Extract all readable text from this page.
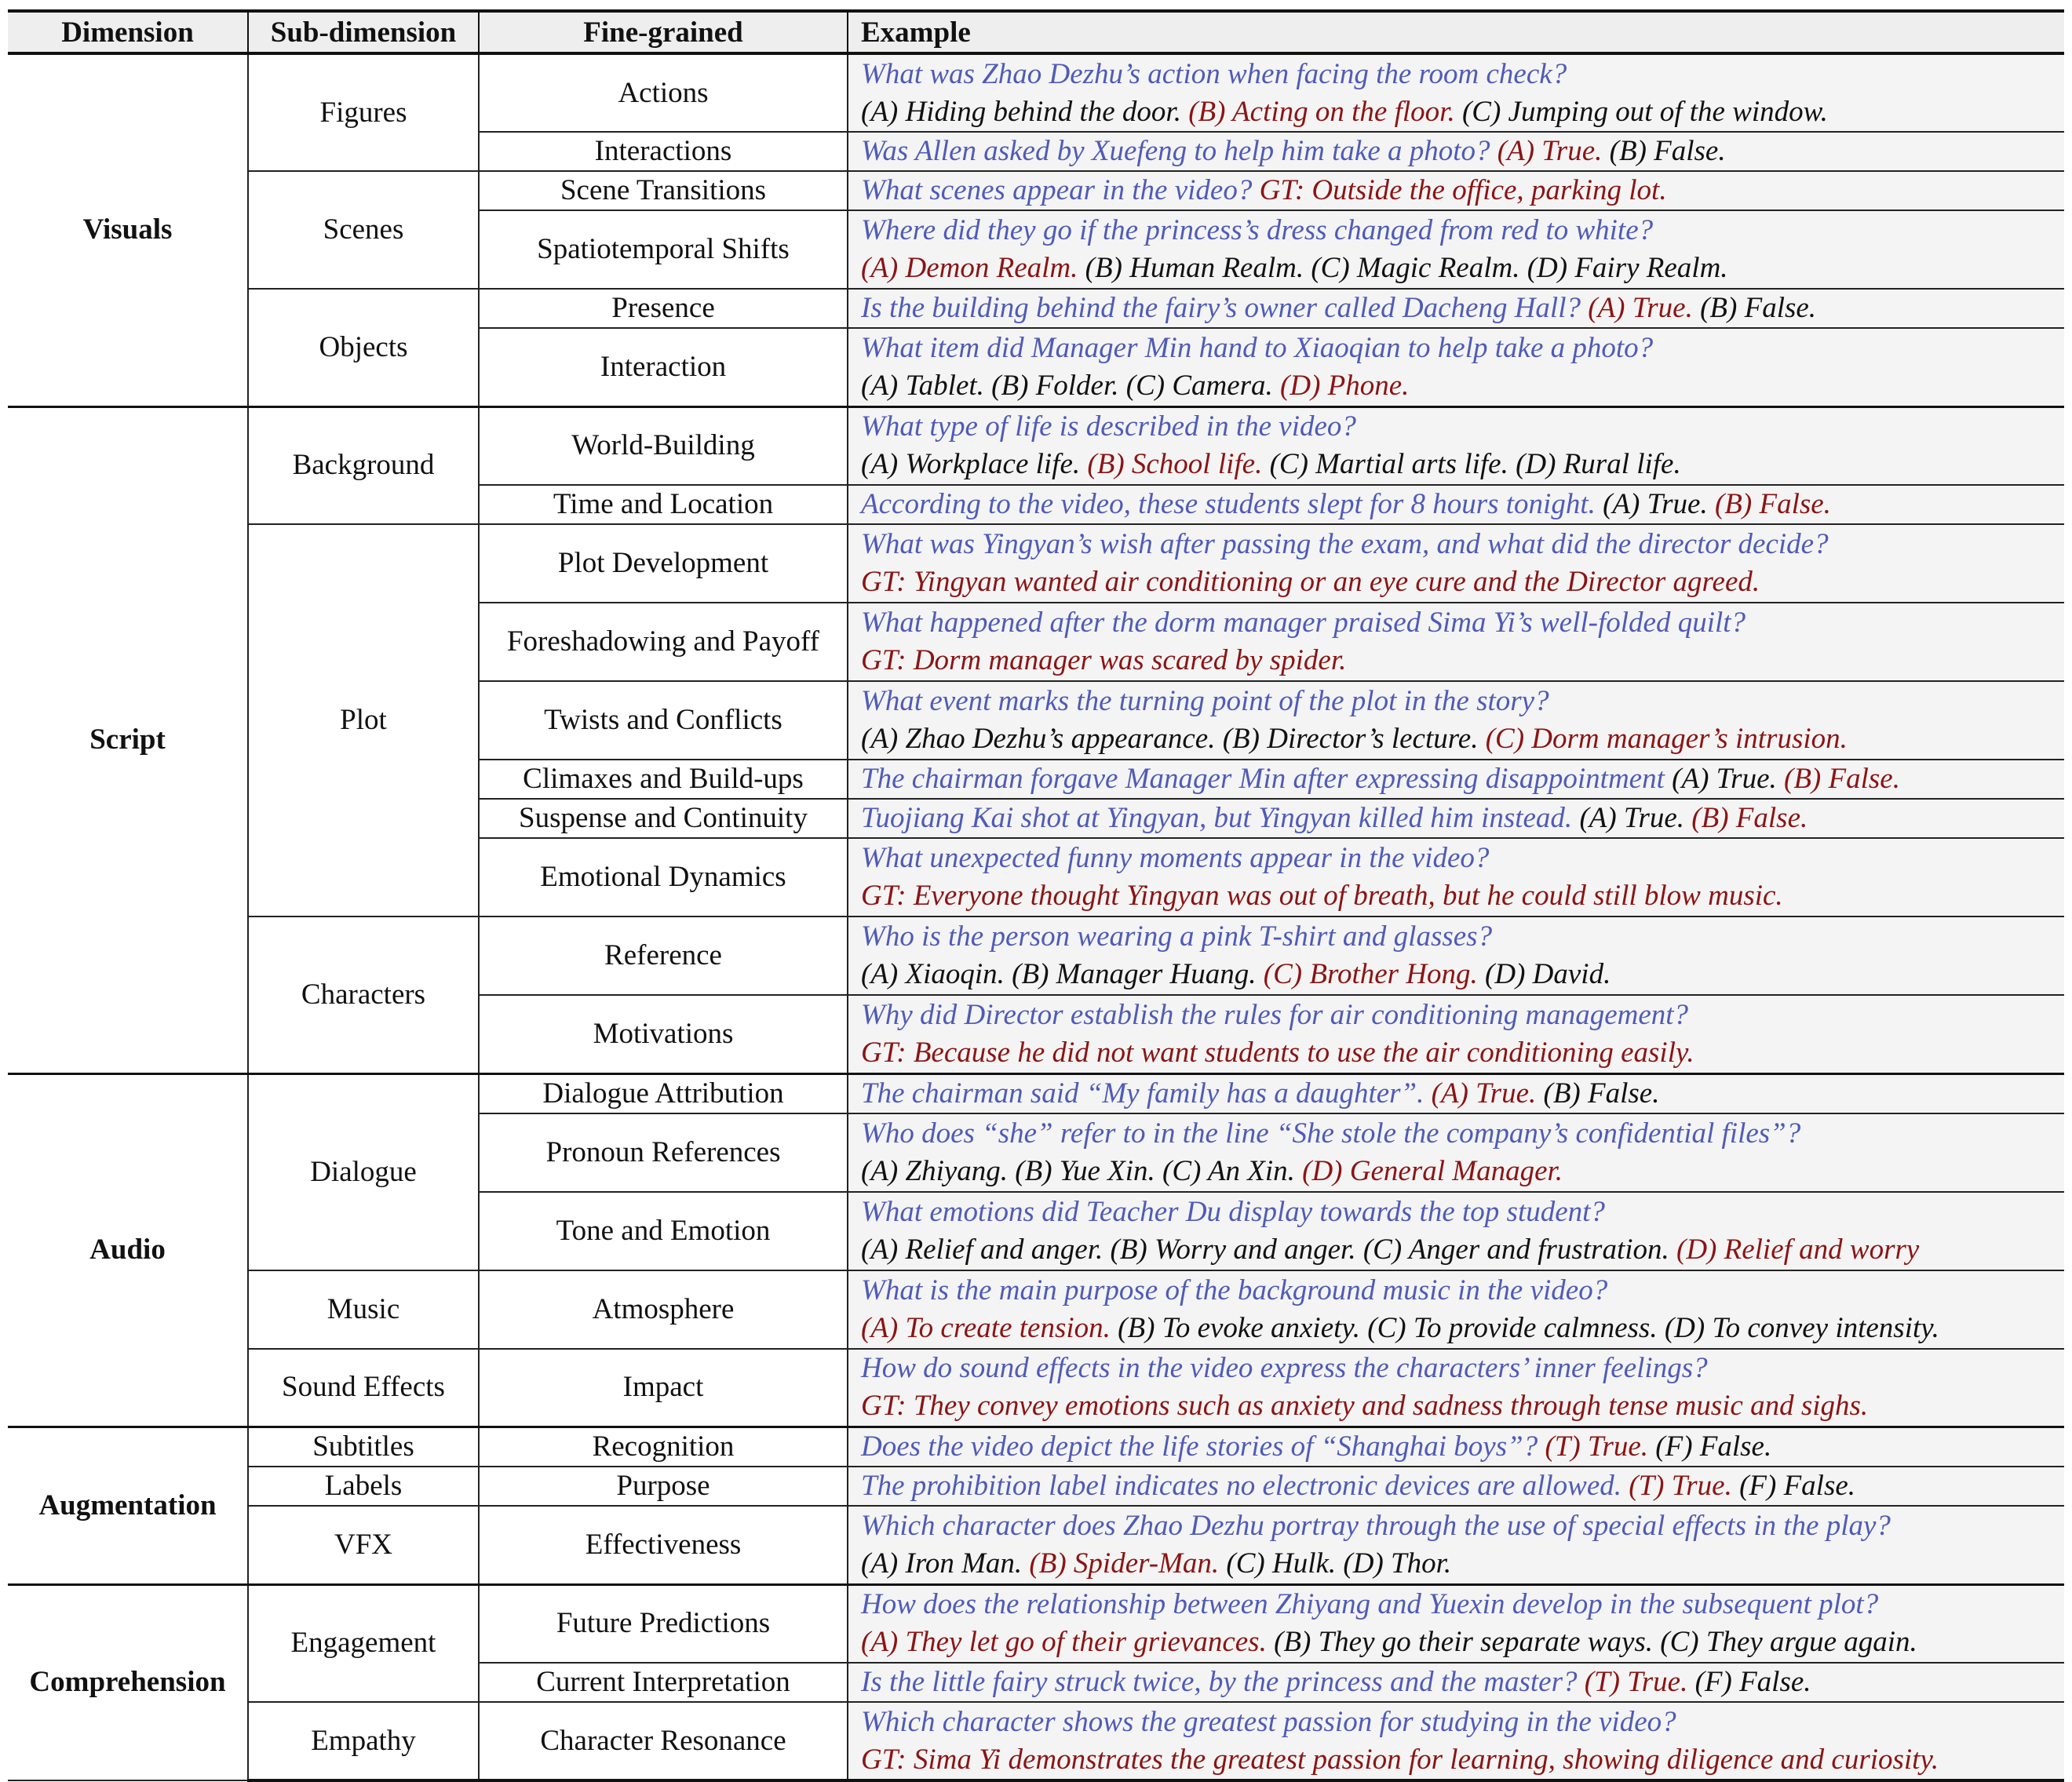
Dimension	Sub-dimension	Fine-grained	Example
Visuals	Figures	Actions	What was Zhao Dezhu’s action when facing the room check?
(A) Hiding behind the door. (B) Acting on the floor. (C) Jumping out of the window.

		Interactions	Was Allen asked by Xuefeng to help him take a photo? (A) True. (B) False.

	Scenes	Scene Transitions	What scenes appear in the video? GT: Outside the office, parking lot.

		Spatiotemporal Shifts	Where did they go if the princess’s dress changed from red to white?
(A) Demon Realm. (B) Human Realm. (C) Magic Realm. (D) Fairy Realm.

	Objects	Presence	Is the building behind the fairy’s owner called Dacheng Hall? (A) True. (B) False.

		Interaction	What item did Manager Min hand to Xiaoqian to help take a photo?
(A) Tablet. (B) Folder. (C) Camera. (D) Phone.

Script	Background	World-Building	What type of life is described in the video?
(A) Workplace life. (B) School life. (C) Martial arts life. (D) Rural life.

		Time and Location	According to the video, these students slept for 8 hours tonight. (A) True. (B) False.

	Plot	Plot Development	What was Yingyan’s wish after passing the exam, and what did the director decide?
GT: Yingyan wanted air conditioning or an eye cure and the Director agreed.

		Foreshadowing and Payoff	What happened after the dorm manager praised Sima Yi’s well-folded quilt?
GT: Dorm manager was scared by spider.

		Twists and Conflicts	What event marks the turning point of the plot in the story?
(A) Zhao Dezhu’s appearance. (B) Director’s lecture. (C) Dorm manager’s intrusion.

		Climaxes and Build-ups	The chairman forgave Manager Min after expressing disappointment (A) True. (B) False.

		Suspense and Continuity	Tuojiang Kai shot at Yingyan, but Yingyan killed him instead. (A) True. (B) False.

		Emotional Dynamics	What unexpected funny moments appear in the video?
GT: Everyone thought Yingyan was out of breath, but he could still blow music.

	Characters	Reference	Who is the person wearing a pink T-shirt and glasses?
(A) Xiaoqin. (B) Manager Huang. (C) Brother Hong. (D) David.

		Motivations	Why did Director establish the rules for air conditioning management?
GT: Because he did not want students to use the air conditioning easily.

Audio	Dialogue	Dialogue Attribution	The chairman said “My family has a daughter”. (A) True. (B) False.

		Pronoun References	Who does “she” refer to in the line “She stole the company’s confidential files”?
(A) Zhiyang. (B) Yue Xin. (C) An Xin. (D) General Manager.

		Tone and Emotion	What emotions did Teacher Du display towards the top student?
(A) Relief and anger. (B) Worry and anger. (C) Anger and frustration. (D) Relief and worry

	Music	Atmosphere	What is the main purpose of the background music in the video?
(A) To create tension. (B) To evoke anxiety. (C) To provide calmness. (D) To convey intensity.

	Sound Effects	Impact	How do sound effects in the video express the characters’ inner feelings?
GT: They convey emotions such as anxiety and sadness through tense music and sighs.

Augmentation	Subtitles	Recognition	Does the video depict the life stories of “Shanghai boys”? (T) True. (F) False.

	Labels	Purpose	The prohibition label indicates no electronic devices are allowed. (T) True. (F) False.

	VFX	Effectiveness	Which character does Zhao Dezhu portray through the use of special effects in the play?
(A) Iron Man. (B) Spider-Man. (C) Hulk. (D) Thor.

Comprehension	Engagement	Future Predictions	How does the relationship between Zhiyang and Yuexin develop in the subsequent plot?
(A) They let go of their grievances. (B) They go their separate ways. (C) They argue again.

		Current Interpretation	Is the little fairy struck twice, by the princess and the master? (T) True. (F) False.

	Empathy	Character Resonance	Which character shows the greatest passion for studying in the video?
GT: Sima Yi demonstrates the greatest passion for learning, showing diligence and curiosity.
